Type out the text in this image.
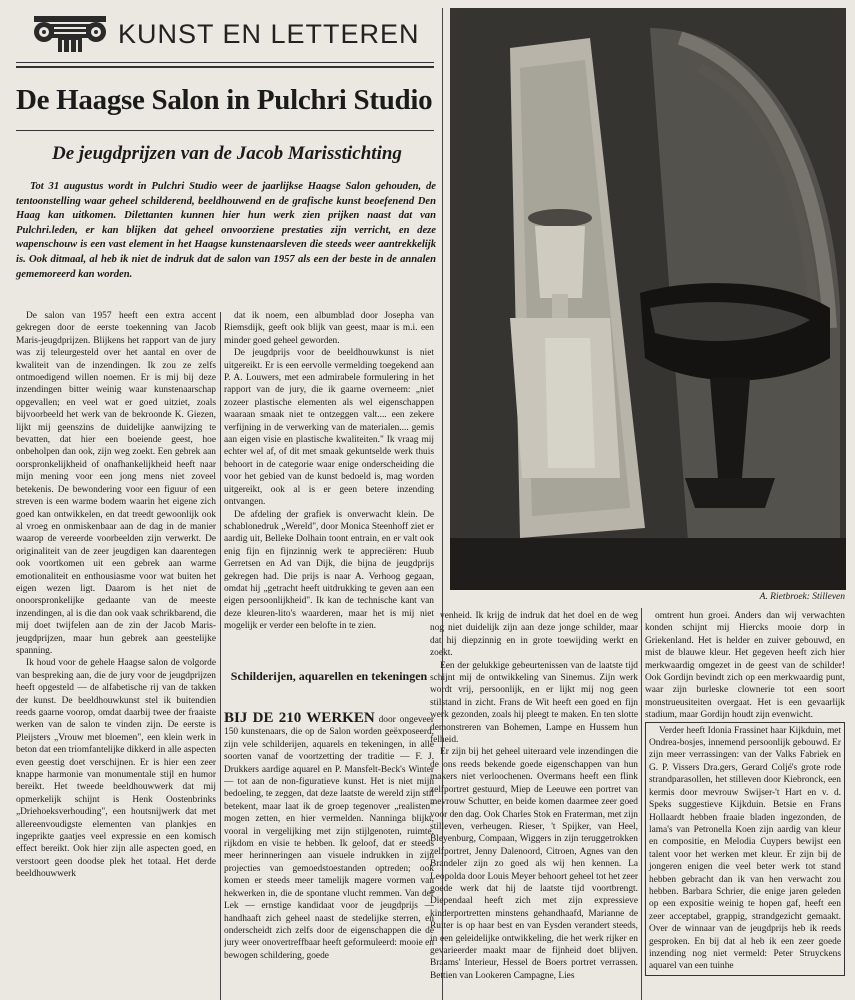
KUNST EN LETTEREN
De Haagse Salon in Pulchri Studio
De jeugdprijzen van de Jacob Marisstichting

Tot 31 augustus wordt in Pulchri Studio weer de jaarlijkse Haagse Salon gehouden, de tentoonstelling waar geheel schilderend, beeldhouwend en de grafische kunst beoefenend Den Haag kan uitkomen. Dilettanten kunnen hier hun werk zien prijken naast dat van Pulchri.leden, er kan blijken dat geheel onvoorziene prestaties zijn verricht, en deze wapenschouw is een vast element in het Haagse kunstenaarsleven die steeds weer aantrekkelijk is. Ook ditmaal, al heb ik niet de indruk dat de salon van 1957 als een der beste in de annalen gememoreerd kan worden.

De salon van 1957 heeft een extra accent gekregen door de eerste toekenning van Jacob Maris-jeugdprijzen. Blijkens het rapport van de jury was zij teleurgesteld over het aantal en over de kwaliteit van de inzendingen. Ik zou ze zelfs ontmoedigend willen noemen. Er is mij bij deze inzendingen bitter weinig waar kunstenaarschap opgevallen; en veel wat er goed uitziet, zoals bijvoorbeeld het werk van de bekroonde K. Giezen, lijkt mij geenszins de duidelijke aanwijzing te bevatten, dat hier een boeiende geest, hoe onbeholpen dan ook, zijn weg zoekt. Een gebrek aan oorspronkelijkheid of onafhankelijkheid heeft naar mijn mening voor een jong mens niet zoveel betekenis. De bewondering voor een figuur of een streven is een warme bodem waarin het eigene zich goed kan ontwikkelen, en dat treedt gewoonlijk ook al vroeg en onmiskenbaar aan de dag in de manier waarop de vereerde voorbeelden zijn verwerkt. De originaliteit van de zeer jeugdigen kan daarentegen ook voortkomen uit een gebrek aan warme emotionaliteit en enthousiasme voor wat buiten het eigen wezen ligt. Daarom is het niet de onoorspronkelijke gedaante van de meeste inzendingen, al is die dan ook vaak schrikbarend, die mij doet twijfelen aan de zin der Jacob Maris-jeugdprijzen, maar hun gebrek aan geestelijke spanning.

Ik houd voor de gehele Haagse salon de volgorde van bespreking aan, die de jury voor de jeugdprijzen heeft opgesteld — de alfabetische rij van de takken der kunst. De beeldhouwkunst stel ik buitendien reeds gaarne voorop, omdat daarbij twee der fraaiste werken van de salon te vinden zijn. De eerste is Pleijsters „Vrouw met bloemen", een klein werk in beton dat een triomfantelijke dikkerd in alle aspecten even geestig doet verschijnen. Er is hier een zeer knappe harmonie van monumentale stijl en humor bereikt. Het tweede beeldhouwwerk dat mij opmerkelijk schijnt is Henk Oostenbrinks „Driehoeksverhouding", een houtsnijwerk dat met allereenvoudigste elementen van plankjes en ingeprikte gaatjes veel expressie en een komisch effect bereikt. Ook hier zijn alle aspecten goed, en verstoort geen doodse plek het totaal. Het derde beeldhouwwerk

dat ik noem, een albumblad door Josepha van Riemsdijk, geeft ook blijk van geest, maar is m.i. een minder goed geheel geworden.

De jeugdprijs voor de beeldhouwkunst is niet uitgereikt. Er is een eervolle vermelding toegekend aan P. A. Louwers, met een admirabele formulering in het rapport van de jury, die ik gaarne overneem: „niet zozeer plastische elementen als wel eigenschappen waaraan smaak niet te ontzeggen valt.... een zekere verfijning in de verwerking van de materialen.... gemis aan eigen visie en plastische kwaliteiten." Ik vraag mij echter wel af, of dit met smaak gekuntselde werk thuis behoort in de categorie waar enige onderscheiding die voor het gebied van de kunst bedoeld is, mag worden uitgereikt, ook al is er geen betere inzending ontvangen.

De afdeling der grafiek is onverwacht klein. De schablonedruk „Wereld", door Monica Steenhoff ziet er aardig uit, Belleke Dolhain toont entrain, en er valt ook enig fijn en fijnzinnig werk te appreciëren: Huub Gerretsen en Ad van Dijk, die bijna de jeugdprijs gekregen had. Die prijs is naar A. Verhoog gegaan, omdat hij „getracht heeft uitdrukking te geven aan een eigen persoonlijkheid". Ik kan de technische kant van deze kleuren-lito's waarderen, maar het is mij niet mogelijk er verder een belofte in te zien.

Schilderijen, aquarellen en tekeningen

BIJ DE 210 WERKEN door ongeveer 150 kunstenaars, die op de Salon worden geëxposeerd, zijn vele schilderijen, aquarels en tekeningen, in alle soorten vanaf de voortzetting der traditie — F. J. Drukkers aardige aquarel en P. Mansfelt-Beck's Winter — tot aan de non-figuratieve kunst. Het is niet mijn bedoeling, te zeggen, dat deze laatste de wereld zijn stil betekent, maar laat ik de groep tegenover „realisten" mogen zetten, en hier vermelden. Nanninga blijkt, vooral in vergelijking met zijn stijlgenoten, ruimte, rijkdom en visie te hebben. Ik geloof, dat er steeds meer herinneringen aan visuele indrukken in zijn projecties van gemoedstoestanden optreden; ook komen er steeds meer tamelijk magere vormen van hekwerken in, die de spontane vlucht remmen. Van der Lek — ernstige kandidaat voor de jeugdprijs — handhaaft zich geheel naast de stedelijke sterren, en onderscheidt zich zelfs door de eigenschappen die de jury weer onovertreffbaar heeft geformuleerd: mooie en bewogen schildering, goede

A. Rietbroek: Stilleven

venheid. Ik krijg de indruk dat het doel en de weg nog niet duidelijk zijn aan deze jonge schilder, maar dat hij diepzinnig en in grote toewijding werkt en zoekt.

Een der gelukkige gebeurtenissen van de laatste tijd schijnt mij de ontwikkeling van Sinemus. Zijn werk wordt vrij, persoonlijk, en er lijkt mij nog geen stilstand in zicht. Frans de Wit heeft een goed en fijn werk gezonden, zoals hij pleegt te maken. En ten slotte demonstreren van Bohemen, Lampe en Hussem hun felheid.

Er zijn bij het geheel uiteraard vele inzendingen die de ons reeds bekende goede eigenschappen van hun makers niet verloochenen. Overmans heeft een flink zelfportret gestuurd, Miep de Leeuwe een portret van mevrouw Schutter, en beide komen daarmee zeer goed voor den dag. Ook Charles Stok en Fraterman, met zijn stilleven, verheugen. Rieser, 't Spijker, van Heel, Bleyenburg, Compaan, Wiggers in zijn teruggetrokken zelfportret, Jenny Dalenoord, Citroen, Agnes van den Brandeler zijn zo goed als wij hen kennen. La Leopolda door Louis Meyer behoort geheel tot het zeer goede werk dat hij de laatste tijd voortbrengt. Diependaal heeft zich met zijn expressieve kinderportretten minstens gehandhaafd, Marianne de Ruiter is op haar best en van Eysden verandert steeds, in een geleidelijke ontwikkeling, die het werk rijker en gevarieerder maakt maar de fijnheid doet blijven. Braams' Interieur, Hessel de Boers portret verrassen. Bettien van Lookeren Campagne, Lies

omtrent hun groei. Anders dan wij verwachten konden schijnt mij Hiercks mooie dorp in Griekenland. Het is helder en zuiver gebouwd, en mist de blauwe kleur. Het gegeven heeft zich hier merkwaardig omgezet in de geest van de schilder! Ook Gordijn bevindt zich op een merkwaardig punt, waar zijn burleske clownerie tot een soort monstrueusiteiten overgaat. Het is een gevaarlijk stadium, maar Gordijn houdt zijn evenwicht.

Verder heeft Idonia Frassinet haar Kijkduin, met Ondrea-bosjes, innemend persoonlijk gebouwd. Er zijn meer verrassingen: van der Valks Fabriek en G. P. Vissers Dra.gers, Gerard Coljé's grote rode strandparasollen, het stilleven door Kiebronck, een kermis door mevrouw Swijser-'t Hart en v. d. Speks suggestieve Kijkduin. Betsie en Frans Hollaardt hebben fraaie bladen ingezonden, de lama's van Petronella Koen zijn aardig van kleur en compositie, en Melodia Cuypers bewijst een talent voor het werken met kleur. Er zijn bij de jongeren enigen die veel beter werk tot stand hebben gebracht dan ik van hen verwacht zou hebben. Barbara Schrier, die enige jaren geleden op een expositie weinig te hopen gaf, heeft een zeer acceptabel, grappig, strandgezicht gemaakt. Over de winnaar van de jeugdprijs heb ik reeds gesproken. En bij dat al heb ik een zeer goede inzending nog niet vermeld: Peter Struyckens aquarel van een tuinhe
